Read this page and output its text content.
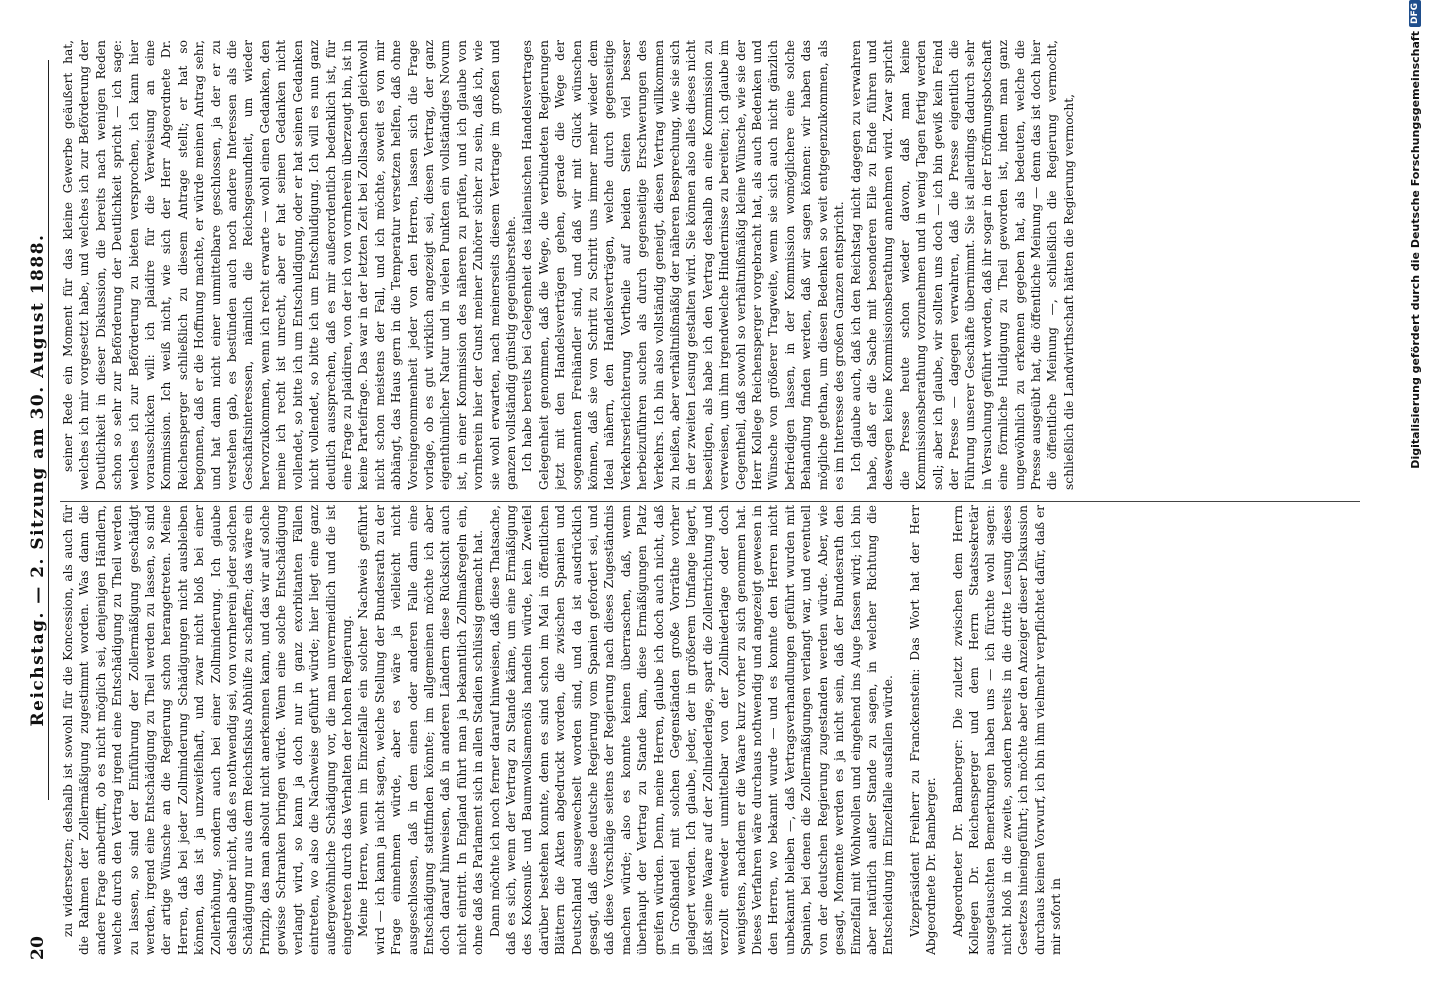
20
Reichstag. — 2. Sitzung am 30. August 1888. zu widersetzen; deshalb ist sowohl für die Koncession, als auch für die Rahmen der Zollermäßigung zugestimmt worden. Was dann die andere Frage anbetrifft, ob es nicht möglich sei, denjenigen Händlern, welche durch den Vertrag irgend eine Entschädigung zu Theil werden zu lassen, so sind der Einführung der Zollermäßigung geschädigt werden, irgend eine Entschädigung zu Theil werden zu lassen, so sind der artige Wünsche an die Regierung schon herangetreten. Meine Herren, daß bei jeder Zollminderung Schädigungen nicht ausbleiben können, das ist ja unzweifelhaft, und zwar nicht bloß bei einer Zollerhöhung, sondern auch bei einer Zollminderung. Ich glaube deshalb aber nicht, daß es nothwendig sei, von vornherein jeder solchen Schädigung nur aus dem Reichsfiskus Abhülfe zu schaffen; das wäre ein Prinzip, das man absolut nicht anerkennen kann, und das wir auf solche gewisse Schranken bringen würde. Wenn eine solche Entschädigung verlangt wird, so kann ja doch nur in ganz exorbitanten Fällen eintreten, wo also die Nachweise geführt würde; hier liegt eine ganz außergewöhnliche Schädigung vor, die man unvermeidlich und die ist eingetreten durch das Verhalten der hohen Regierung. Meine Herren, wenn im Einzelfalle ein solcher Nachweis geführt wird — ich kann ja nicht sagen, welche Stellung der Bundesrath zu der Frage einnehmen würde, aber es wäre ja vielleicht nicht ausgeschlossen, daß in dem einen oder anderen Falle dann eine Entschädigung stattfinden könnte; im allgemeinen möchte ich aber doch darauf hinweisen, daß in anderen Ländern diese Rücksicht auch nicht eintritt. In England führt man ja bekanntlich Zollmaßregeln ein, ohne daß das Parlament sich in allen Stadien schlüssig gemacht hat. Dann möchte ich noch ferner darauf hinweisen, daß diese Thatsache, daß es sich, wenn der Vertrag zu Stande käme, um eine Ermäßigung des Kokosnuß- und Baumwollsamenöls handeln würde, kein Zweifel darüber bestehen konnte, denn es sind schon im Mai in öffentlichen Blättern die Akten abgedruckt worden, die zwischen Spanien und Deutschland ausgewechselt worden sind, und da ist ausdrücklich gesagt, daß diese deutsche Regierung vom Spanien gefordert sei, und daß diese Vorschläge seitens der Regierung nach dieses Zugeständnis machen würde; also es konnte keinen überraschen, daß, wenn überhaupt der Vertrag zu Stande kam, diese Ermäßigungen Platz greifen würden. Denn, meine Herren, glaube ich doch auch nicht, daß in Großhandel mit solchen Gegenständen große Vorräthe vorher gelagert werden. Ich glaube, jeder, der in größerem Umfange lagert, läßt seine Waare auf der Zollniederlage, spart die Zollentrichtung und verzollt entweder unmittelbar von der Zollniederlage oder doch wenigstens, nachdem er die Waare kurz vorher zu sich genommen hat. Dieses Verfahren wäre durchaus nothwendig und angezeigt gewesen in den Herren, wo bekannt wurde — und es konnte den Herren nicht unbekannt bleiben —, daß Vertragsverhandlungen geführt wurden mit Spanien, bei denen die Zollermäßigungen verlangt war, und eventuell von der deutschen Regierung zugestanden werden würde. Aber, wie gesagt, Momente werden es ja nicht sein, daß der Bundesrath den Einzelfall mit Wohlwollen und eingehend ins Auge fassen wird; ich bin aber natürlich außer Stande zu sagen, in welcher Richtung die Entscheidung im Einzelfalle ausfallen würde. Vizepräsident Freiherr zu Franckenstein: Das Wort hat der Herr Abgeordnete Dr. Bamberger. Abgeordneter Dr. Bamberger: Die zuletzt zwischen dem Herrn Kollegen Dr. Reichensperger und dem Herrn Staatssekretär ausgetauschten Bemerkungen haben uns — ich fürchte wohl sagen: nicht bloß in die zweite, sondern bereits in die dritte Lesung dieses Gesetzes hineingeführt; ich möchte aber den Anzeiger dieser Diskussion durchaus keinen Vorwurf, ich bin ihm vielmehr verpflichtet dafür, daß er mir sofort in

seiner Rede ein Moment für das kleine Gewerbe geäußert hat, welches ich mir vorgesetzt habe, und welches ich zur Beförderung der Deutlichkeit in dieser Diskussion, die bereits nach wenigen Reden schon so sehr zur Beförderung der Deutlichkeit spricht — ich sage: welches ich zur Beförderung zu bieten versprochen, ich kann hier vorausschicken will: ich plaidire für die Verweisung an eine Kommission. Ich weiß nicht, wie sich der Herr Abgeordnete Dr. Reichensperger schließlich zu diesem Antrage stellt; er hat so begonnen, daß er die Hoffnung machte, er würde meinen Antrag sehr, und hat dann nicht einer unmittelbare geschlossen, ja der er zu verstehen gab, es bestünden auch noch andere Interessen als die Geschäftsinteressen, nämlich die Reichsgesundheit, um wieder hervorzukommen, wenn ich recht erwarte — wohl einen Gedanken, den meine ich recht ist unrecht, aber er hat seinen Gedanken nicht vollendet, so bitte ich um Entschuldigung, oder er hat seinen Gedanken nicht vollendet, so bitte ich um Entschuldigung. Ich will es nun ganz deutlich aussprechen, daß es mir außerordentlich bedenklich ist, für eine Frage zu plaidiren, von der ich von vornherein überzeugt bin, ist in keine Parteifrage. Das war in der letzten Zeit bei Zollsachen gleichwohl nicht schon meistens der Fall, und ich möchte, soweit es von mir abhängt, das Haus gern in die Temperatur versetzen helfen, daß ohne Voreingenommenheit jeder von den Herren, lassen sich die Frage vorlage, ob es gut wirklich angezeigt sei, diesen Vertrag, der ganz eigenthümlicher Natur und in vielen Punkten ein vollständiges Novum ist, in einer Kommission des näheren zu prüfen, und ich glaube von vornherein hier der Gunst meiner Zuhörer sicher zu sein, daß ich, wie sie wohl erwarten, nach meinerseits diesem Vertrage im großen und ganzen vollständig günstig gegenüberstehe. Ich habe bereits bei Gelegenheit des italienischen Handelsvertrages Gelegenheit genommen, daß die Wege, die verbündeten Regierungen jetzt mit den Handelsverträgen gehen, gerade die Wege der sogenannten Freihändler sind, und daß wir mit Glück wünschen können, daß sie von Schritt zu Schritt uns immer mehr wieder dem Ideal nähern, den Handelsverträgen, welche durch gegenseitige Verkehrserleichterung Vortheile auf beiden Seiten viel besser herbeizuführen suchen als durch gegenseitige Erschwerungen des Verkehrs. Ich bin also vollständig geneigt, diesen Vertrag willkommen zu heißen, aber verhältnißmäßig der näheren Besprechung, wie sie sich in der zweiten Lesung gestalten wird. Sie können also alles dieses nicht beseitigen, als habe ich den Vertrag deshalb an eine Kommission zu verweisen, um ihm irgendwelche Hindernisse zu bereiten; ich glaube im Gegentheil, daß sowohl so verhältnißmäßig kleine Wünsche, wie sie der Herr Kollege Reichensperger vorgebracht hat, als auch Bedenken und Wünsche von größerer Tragweite, wenn sie sich auch nicht gänzlich befriedigen lassen, in der Kommission womöglichere eine solche Behandlung finden werden, daß wir sagen können: wir haben das mögliche gethan, um diesen Bedenken so weit entgegenzukommen, als es im Interesse des großen Ganzen entspricht. Ich glaube auch, daß ich den Reichstag nicht dagegen zu verwahren habe, daß er die Sache mit besonderen Eile zu Ende führen und deswegen keine Kommissionsberathung annehmen wird. Zwar spricht die Presse heute schon wieder davon, daß man keine Kommissionsberathung vorzunehmen und in wenig Tagen fertig werden soll; aber ich glaube, wir sollten uns doch — ich bin gewiß kein Feind der Presse — dagegen verwahren, daß die Presse eigentlich die Führung unserer Geschäfte übernimmt. Sie ist allerdings dadurch sehr in Versuchung geführt worden, daß ihr sogar in der Eröffnungsbotschaft eine förmliche Huldigung zu Theil geworden ist, indem man ganz ungewöhnlich zu erkennen gegeben hat, als bedeuten, welche die Presse ausgeübt hat, die öffentliche Meinung — denn das ist doch hier die öffentliche Meinung —, schließlich die Regierung vermocht, schließlich die Landwirthschaft hätten die Regierung vermocht,	Digitalisierung gefördert durch die Deutsche Forschungsgemeinschaft
DFG
